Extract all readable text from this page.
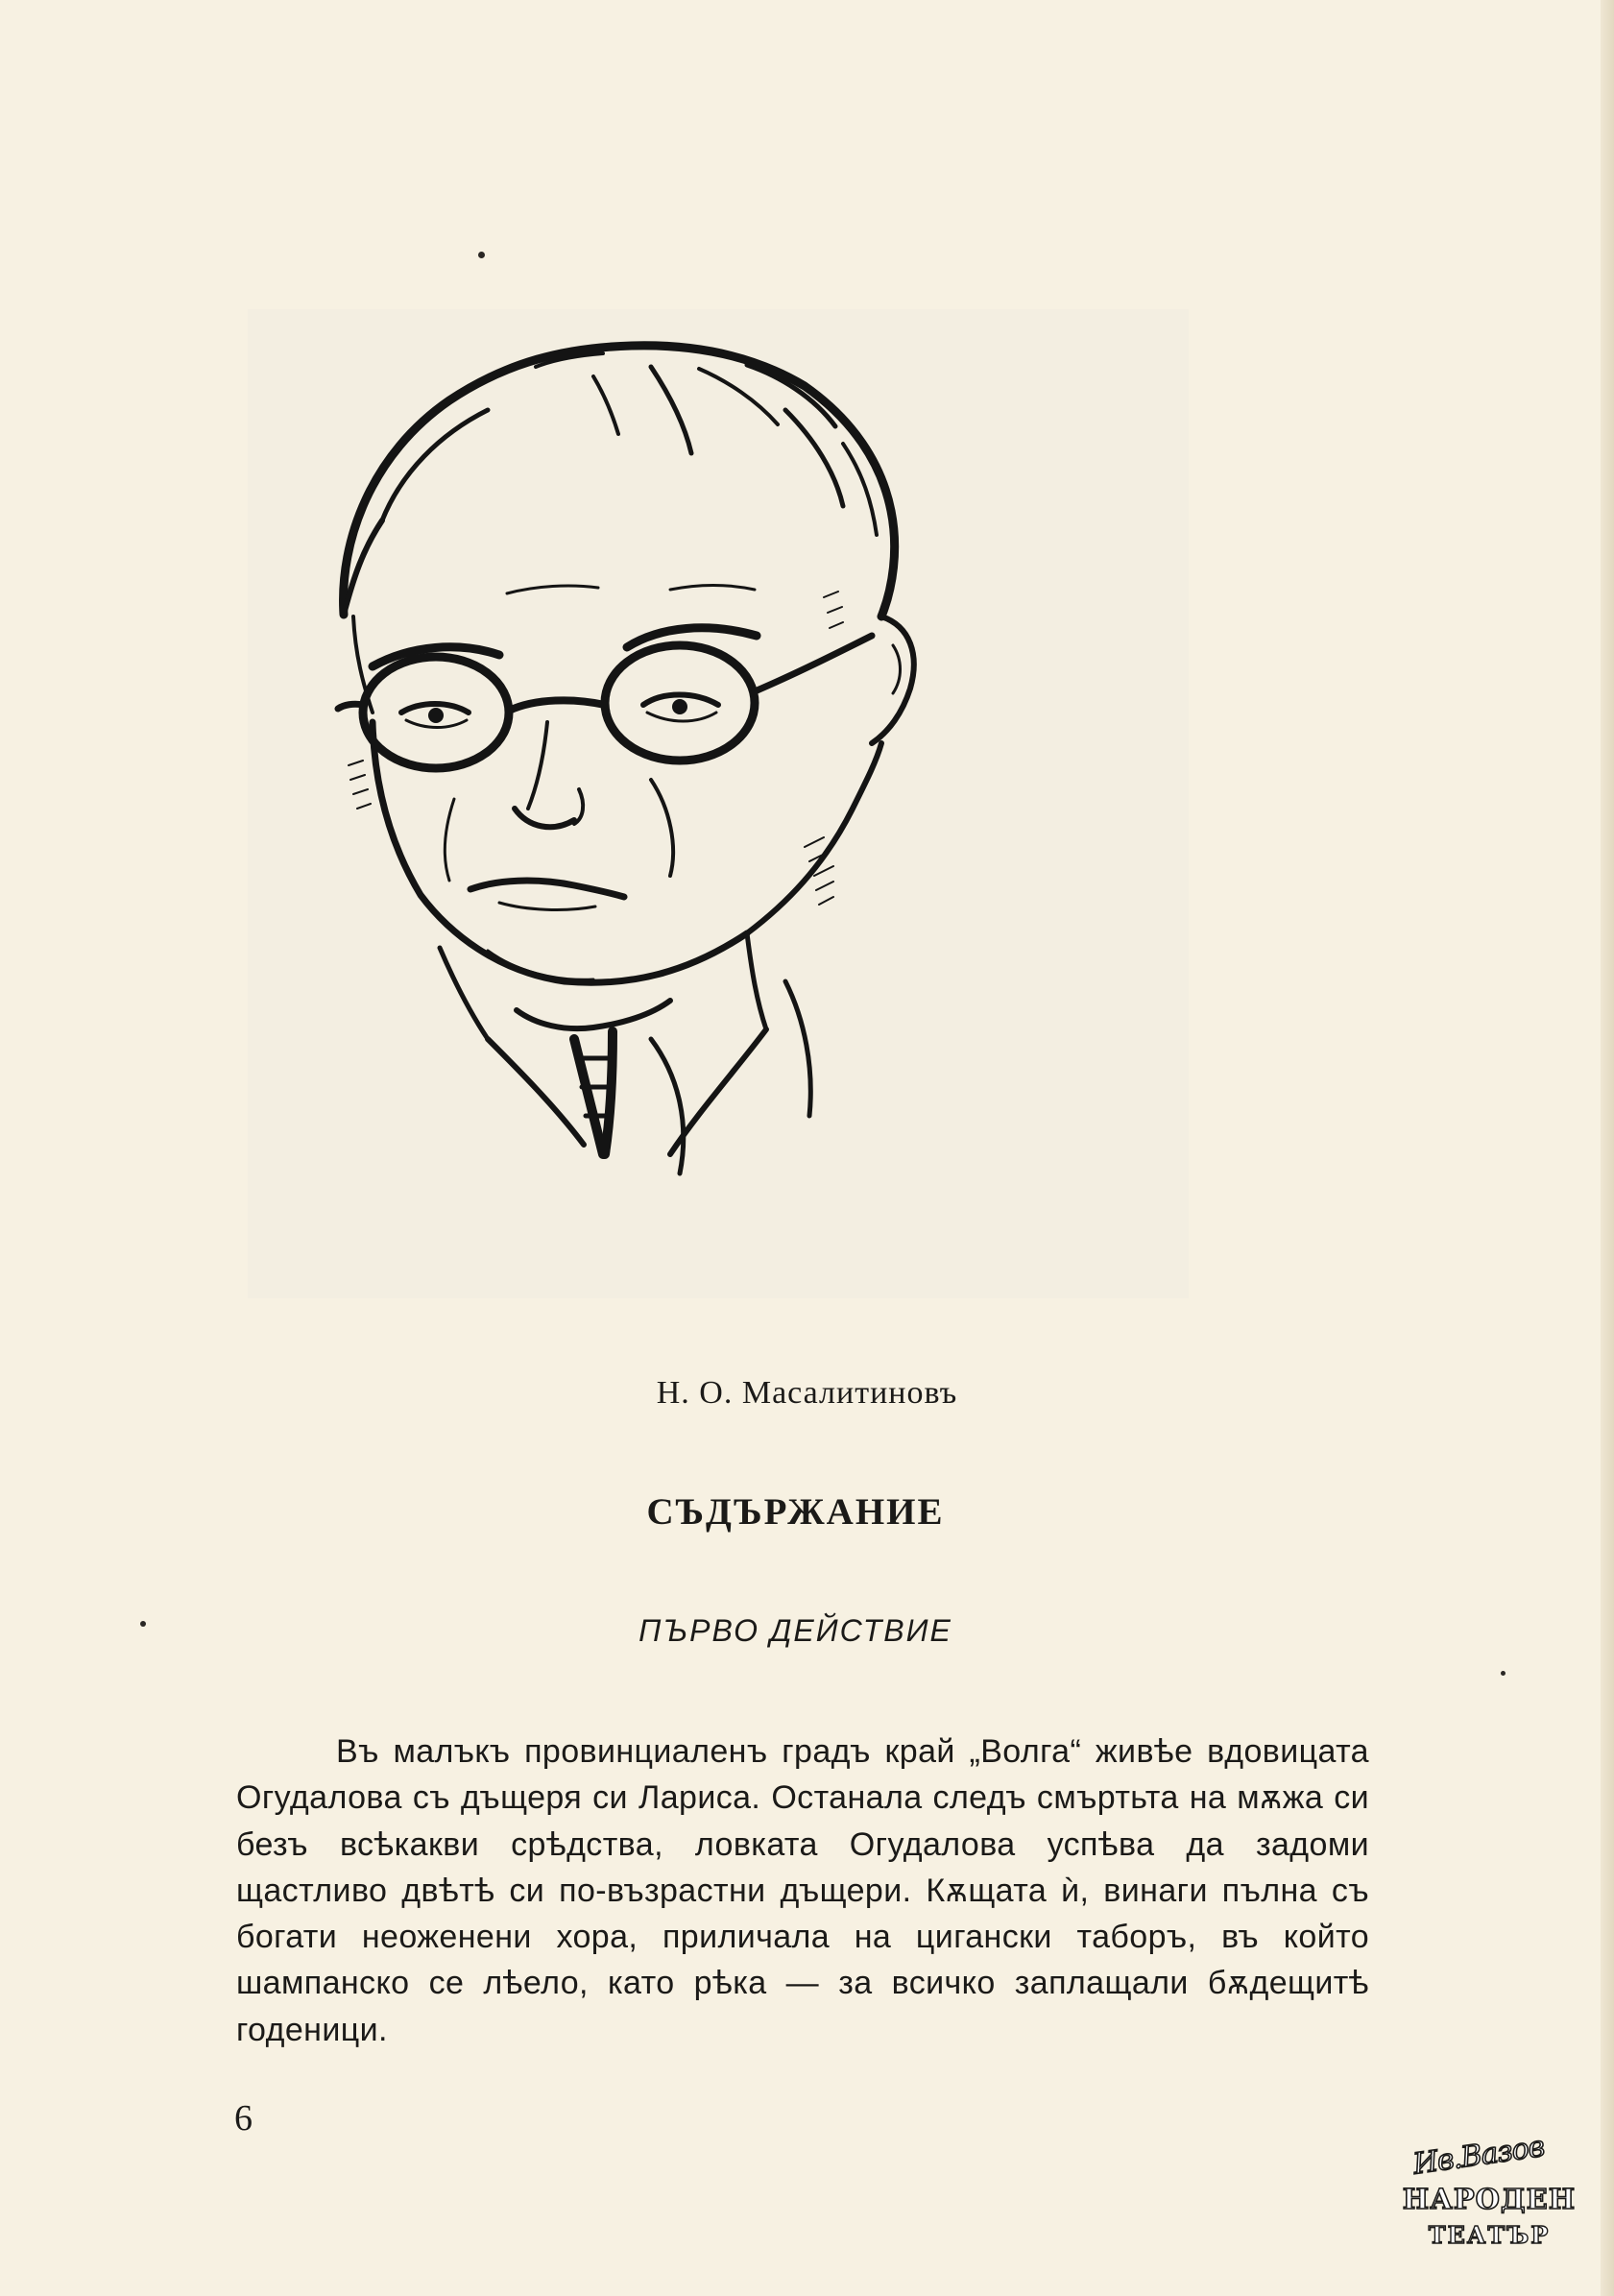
Н. О. Масалитиновъ
СЪДЪРЖАНИЕ
ПЪРВО ДЕЙСТВИЕ
Въ малъкъ провинциаленъ градъ край „Волга“ живѣе вдовицата Огудалова съ дъщеря си Лариса. Останала следъ смъртьта на мѫжа си безъ всѣкакви срѣдства, ловката Огудалова успѣва да задоми щастливо двѣтѣ си по-възрастни дъщери. Кѫщата ѝ, винаги пълна съ богати неоженени хора, приличала на цигански таборъ, въ който шампанско се лѣело, като рѣка — за всичко заплащали бѫдещитѣ годеници.
6
Ив.Вазов
НАРОДЕН
ТЕАТЪР
